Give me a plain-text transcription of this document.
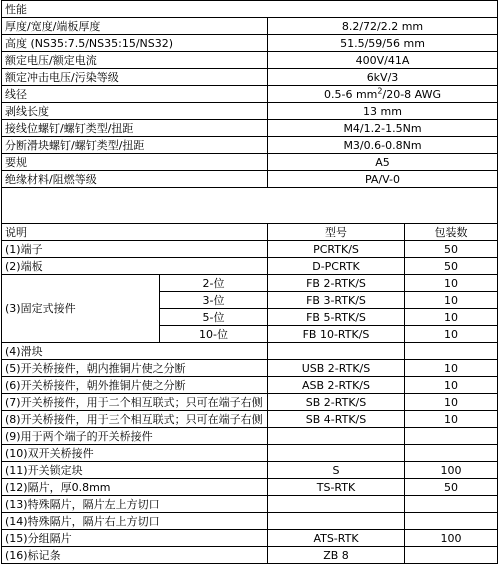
性能			
厚度/宽度/端板厚度		8.2/72/2.2 mm	
高度 (NS35:7.5/NS35:15/NS32)		51.5/59/56 mm	
额定电压/额定电流		400V/41A	
额定冲击电压/污染等级		6kV/3	
线径		0.5-6 $mm^2/20-8$ AWG	
剥线长度		13 mm	
接线位螺钉/螺钉类型/扭距		M4/1.2-1.5Nm	
分断滑块螺钉/螺钉类型/扭距		M3/0.6-0.8Nm	
要规		A5	
绝缘材料/阻燃等级		PA/V-0	

说明		型号	包装数
(1)端子		PCRTK/S	50
(2)端板		D-PCRTK	50
(3)固定式接件	2-位	FB 2-RTK/S	10
	3-位	FB 3-RTK/S	10
	5-位	FB 5-RTK/S	10
	10-位	FB 10-RTK/S	10
(4)滑块			
(5)开关桥接件，朝内推铜片使之分断		USB 2-RTK/S	10
(6)开关桥接件，朝外推铜片使之分断		ASB 2-RTK/S	10
(7)开关桥接件，用于二个相互联式；只可在端子右侧		SB 2-RTK/S	10
(8)开关桥接件，用于三个相互联式；只可在端子右侧		SB 4-RTK/S	10
(9)用于两个端子的开关桥接件			
(10)双开关桥接件			
(11)开关锁定块		S	100
(12)隔片，厚0.8mm		TS-RTK	50
(13)特殊隔片，隔片左上方切口			
(14)特殊隔片，隔片右上方切口			
(15)分组隔片		ATS-RTK	100
(16)标记条		ZB 8	
